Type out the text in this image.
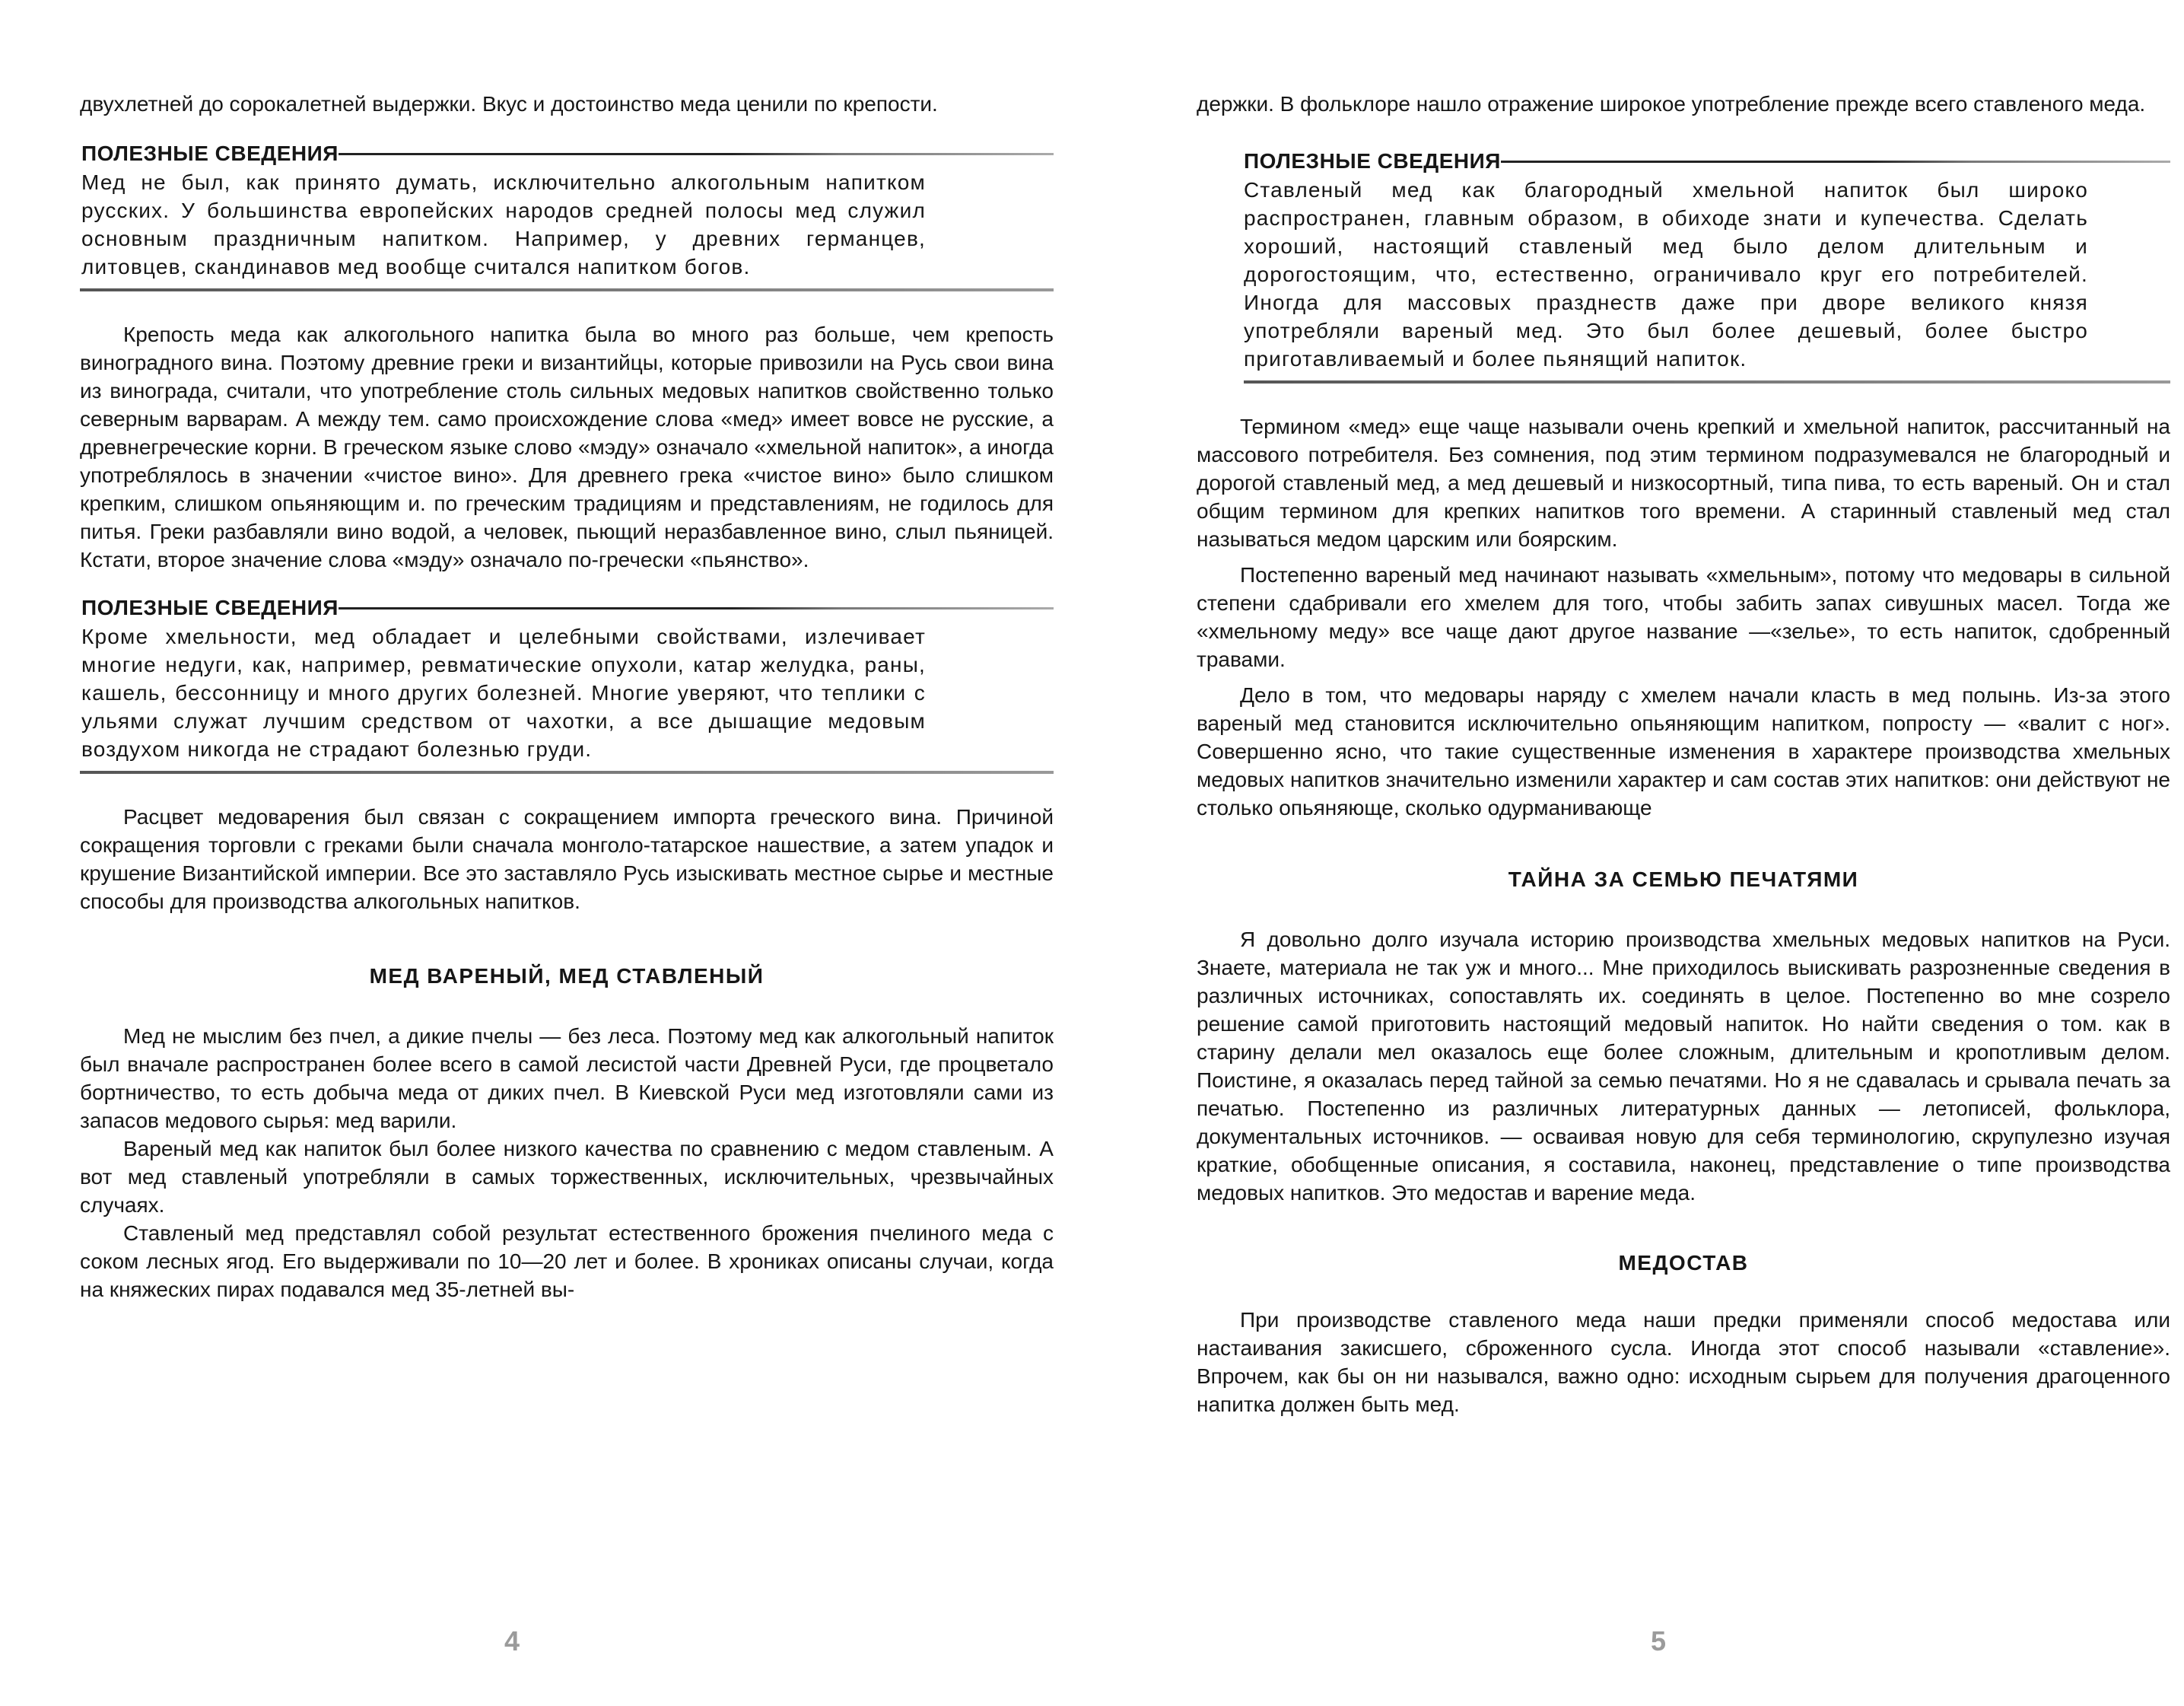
двухлетней до сорокалетней выдержки. Вкус и достоинство меда ценили по крепости.

ПОЛЕЗНЫЕ СВЕДЕНИЯ

Мед не был, как принято думать, исключительно алкогольным напитком русских. У большинства европейских народов средней полосы мед служил основным праздничным напитком. Например, у древних германцев, литовцев, скандинавов мед вообще считался напитком богов.

Крепость меда как алкогольного напитка была во много раз больше, чем крепость виноградного вина. Поэтому древние греки и византийцы, которые привозили на Русь свои вина из винограда, считали, что употребление столь сильных медовых напитков свойственно только северным варварам. А между тем. само происхождение слова «мед» имеет вовсе не русские, а древнегреческие корни. В греческом языке слово «мэду» означало «хмельной напиток», а иногда употреблялось в значении «чистое вино». Для древнего грека «чистое вино» было слишком крепким, слишком опьяняющим и. по греческим традициям и представлениям, не годилось для питья. Греки разбавляли вино водой, а человек, пьющий неразбавленное вино, слыл пьяницей. Кстати, второе значение слова «мэду» означало по-гречески «пьянство».

ПОЛЕЗНЫЕ СВЕДЕНИЯ

Кроме хмельности, мед обладает и целебными свойствами, излечивает многие недуги, как, например, ревматические опухоли, катар желудка, раны, кашель, бессонницу и много других болезней. Многие уверяют, что теплики с ульями служат лучшим средством от чахотки, а все дышащие медовым воздухом никогда не страдают болезнью груди.

Расцвет медоварения был связан с сокращением импорта греческого вина. Причиной сокращения торговли с греками были сначала монголо-татарское нашествие, а затем упадок и крушение Византийской империи. Все это заставляло Русь изыскивать местное сырье и местные способы для производства алкогольных напитков.

МЕД ВАРЕНЫЙ, МЕД СТАВЛЕНЫЙ

Мед не мыслим без пчел, а дикие пчелы — без леса. Поэтому мед как алкогольный напиток был вначале распространен более всего в самой лесистой части Древней Руси, где процветало бортничество, то есть добыча меда от диких пчел. В Киевской Руси мед изготовляли сами из запасов медового сырья: мед варили.

Вареный мед как напиток был более низкого качества по сравнению с медом ставленым. А вот мед ставленый употребляли в самых торжественных, исключительных, чрезвычайных случаях.

Ставленый мед представлял собой результат естественного брожения пчелиного меда с соком лесных ягод. Его выдерживали по 10—20 лет и более. В хрониках описаны случаи, когда на княжеских пирах подавался мед 35-летней вы-

4

держки. В фольклоре нашло отражение широкое употребление прежде всего ставленого меда.

ПОЛЕЗНЫЕ СВЕДЕНИЯ

Ставленый мед как благородный хмельной напиток был широко распространен, главным образом, в обиходе знати и купечества. Сделать хороший, настоящий ставленый мед было делом длительным и дорогостоящим, что, естественно, ограничивало круг его потребителей. Иногда для массовых празднеств даже при дворе великого князя употребляли вареный мед. Это был более дешевый, более быстро приготавливаемый и более пьянящий напиток.

Термином «мед» еще чаще называли очень крепкий и хмельной напиток, рассчитанный на массового потребителя. Без сомнения, под этим термином подразумевался не благородный и дорогой ставленый мед, а мед дешевый и низкосортный, типа пива, то есть вареный. Он и стал общим термином для крепких напитков того времени. А старинный ставленый мед стал называться медом царским или боярским.

Постепенно вареный мед начинают называть «хмельным», потому что медовары в сильной степени сдабривали его хмелем для того, чтобы забить запах сивушных масел. Тогда же «хмельному меду» все чаще дают другое название —«зелье», то есть напиток, сдобренный травами.

Дело в том, что медовары наряду с хмелем начали класть в мед полынь. Из-за этого вареный мед становится исключительно опьяняющим напитком, попросту — «валит с ног». Совершенно ясно, что такие существенные изменения в характере производства хмельных медовых напитков значительно изменили характер и сам состав этих напитков: они действуют не столько опьяняюще, сколько одурманивающе

ТАЙНА ЗА СЕМЬЮ ПЕЧАТЯМИ

Я довольно долго изучала историю производства хмельных медовых напитков на Руси. Знаете, материала не так уж и много... Мне приходилось выискивать разрозненные сведения в различных источниках, сопоставлять их. соединять в целое. Постепенно во мне созрело решение самой приготовить настоящий медовый напиток. Но найти сведения о том. как в старину делали мел оказалось еще более сложным, длительным и кропотливым делом. Поистине, я оказалась перед тайной за семью печатями. Но я не сдавалась и срывала печать за печатью. Постепенно из различных литературных данных — летописей, фольклора, документальных источников. — осваивая новую для себя терминологию, скрупулезно изучая краткие, обобщенные описания, я составила, наконец, представление о типе производства медовых напитков. Это медостав и варение меда.

МЕДОСТАВ

При производстве ставленого меда наши предки применяли способ медостава или настаивания закисшего, сброженного сусла. Иногда этот способ называли «ставление». Впрочем, как бы он ни назывался, важно одно: исходным сырьем для получения драгоценного напитка должен быть мед.

5
